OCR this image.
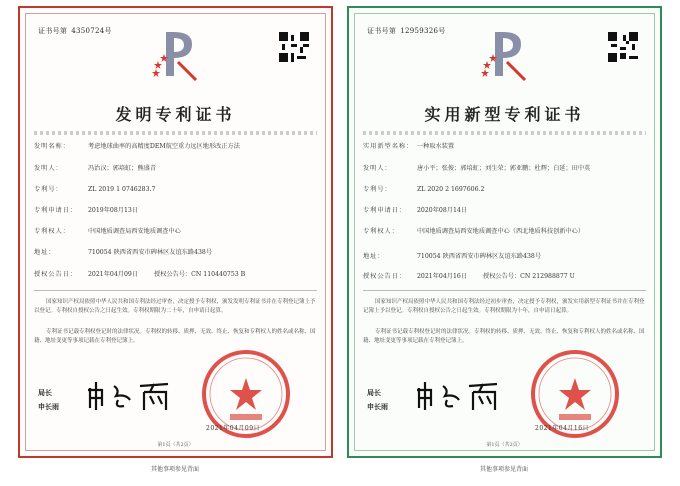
证书号第 4350724号
发明专利证书
发明名称：	考虑地球曲率的高精度DEM航空重力远区地形改正方法
发明人：	冯治汉；郭培虹；熊盛青
专利号：	ZL 2019 1 0746283.7
专利申请日： 2019年08月13日
专利权人：	中国地质调查局西安地质调查中心
地址：	710054 陕西省西安市碑林区友谊东路438号
授权公告日： 2021年04月09日	授权公告号：CN 110440753 B
国家知识产权局依照中华人民共和国专利法经过审查，决定授予专利权，颁发发明专利证书并在专利登记簿上予以登记。专利权自授权公告之日起生效。专利权期限为二十年，自申请日起算。
专利证书记载专利权登记时的法律状况。专利权的转移、质押、无效、终止、恢复和专利权人的姓名或名称、国籍、地址变更等事项记载在专利登记簿上。
局长
申长雨
2021年04月09日
第1页（共2页）
其他事项参见背面
证书号第 12959326号
实用新型专利证书
实用新型名称： 一种取水装置
发明人：	唐小平；张俊；郭培虹；刘生荣；郭亚鹏；杜辉；白延；田中英
专利号：	ZL 2020 2 1697606.2
专利申请日： 2020年08月14日
专利权人：	中国地质调查局西安地质调查中心（西北地质科技创新中心）
地址：	710054 陕西省西安市碑林区友谊东路438号
授权公告日： 2021年04月16日	授权公告号：CN 212988877 U
国家知识产权局依照中华人民共和国专利法经过初步审查，决定授予专利权，颁发实用新型专利证书并在专利登记簿上予以登记。专利权自授权公告之日起生效。专利权期限为十年，自申请日起算。
专利证书记载专利权登记时的法律状况。专利权的转移、质押、无效、终止、恢复和专利权人的姓名或名称、国籍、地址变更等事项记载在专利登记簿上。
局长
申长雨
2021年04月16日
第1页（共2页）
其他事项参见背面
